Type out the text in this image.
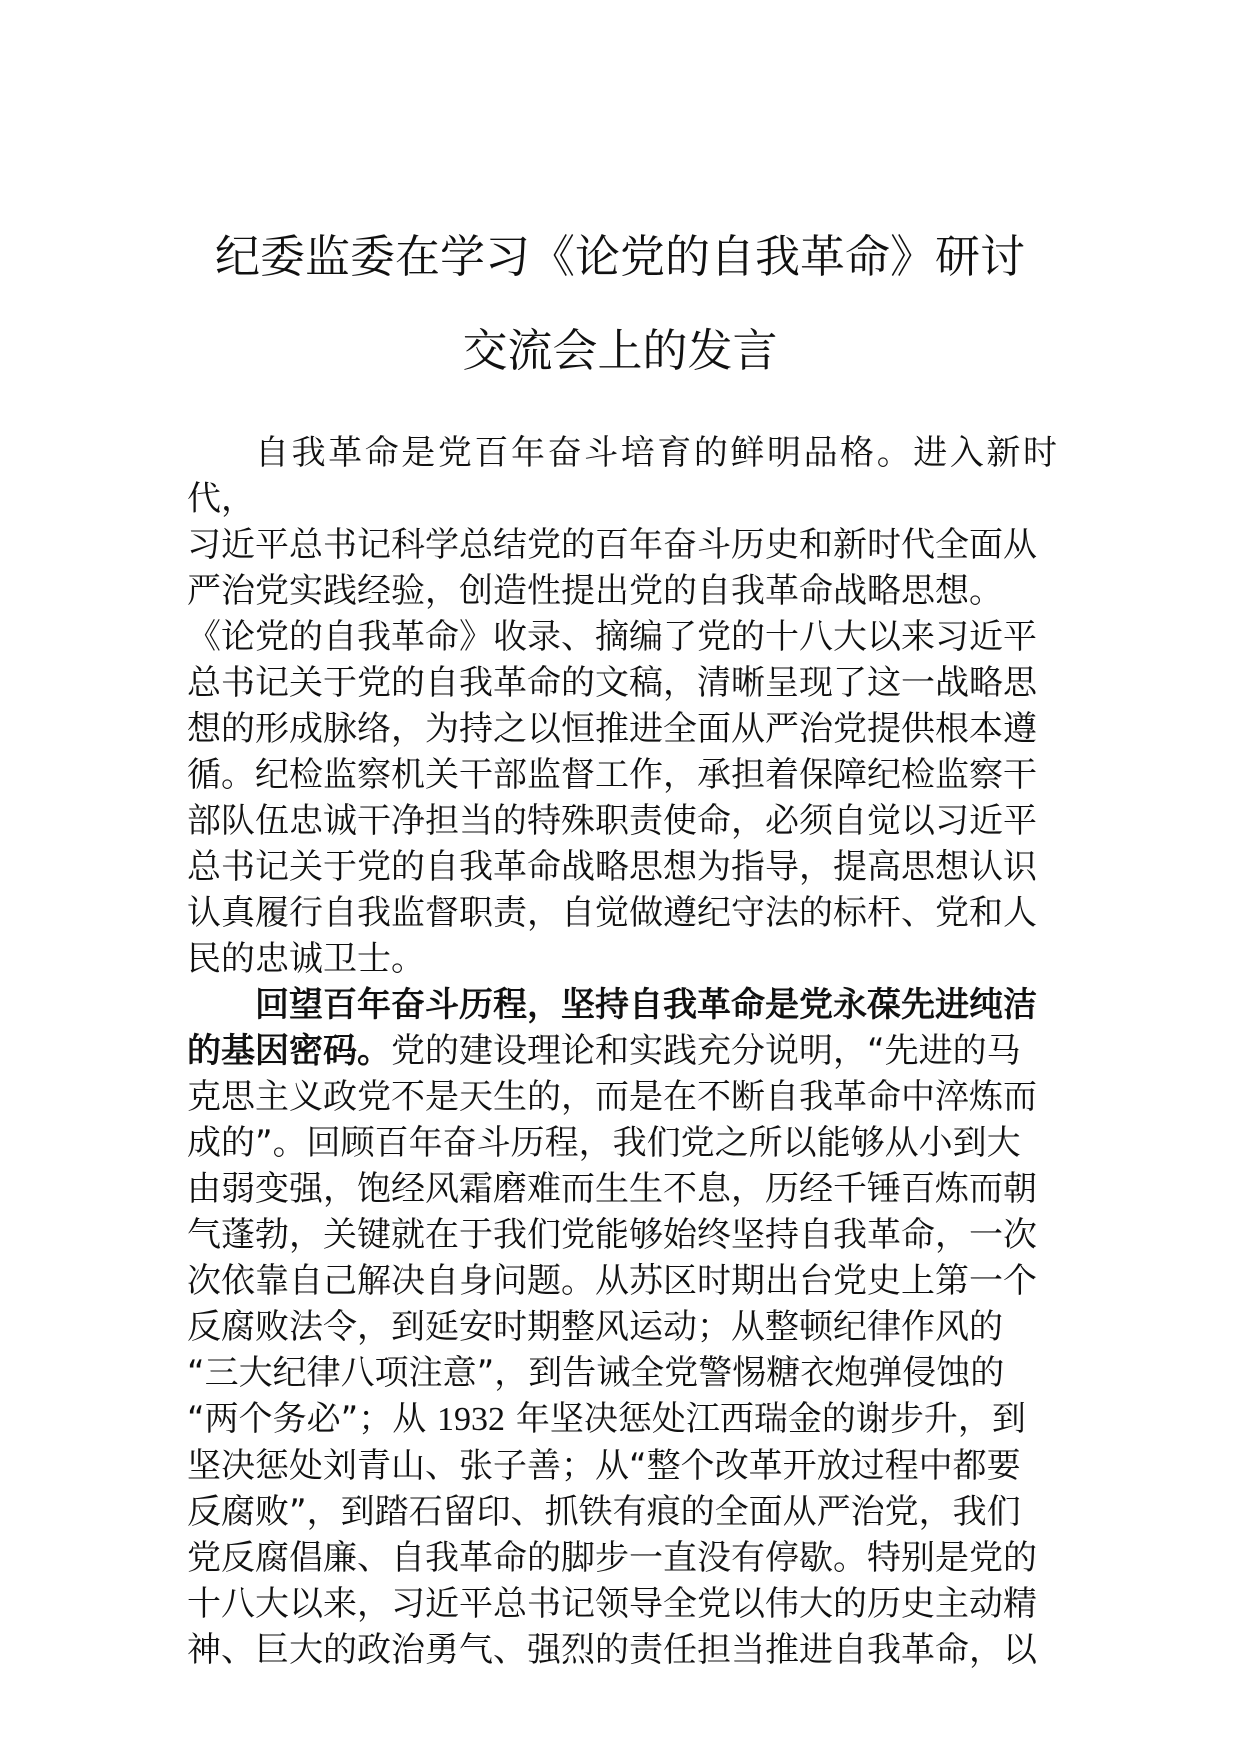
纪委监委在学习《论党的自我革命》研讨
交流会上的发言

自我革命是党百年奋斗培育的鲜明品格。进入新时代，
习近平总书记科学总结党的百年奋斗历史和新时代全面从
严治党实践经验，创造性提出党的自我革命战略思想。
《论党的自我革命》收录、摘编了党的十八大以来习近平
总书记关于党的自我革命的文稿，清晰呈现了这一战略思
想的形成脉络，为持之以恒推进全面从严治党提供根本遵
循。纪检监察机关干部监督工作，承担着保障纪检监察干
部队伍忠诚干净担当的特殊职责使命，必须自觉以习近平
总书记关于党的自我革命战略思想为指导，提高思想认识
认真履行自我监督职责，自觉做遵纪守法的标杆、党和人
民的忠诚卫士。

回望百年奋斗历程，坚持自我革命是党永葆先进纯洁
的基因密码。党的建设理论和实践充分说明，“先进的马
克思主义政党不是天生的，而是在不断自我革命中淬炼而
成的”。回顾百年奋斗历程，我们党之所以能够从小到大
由弱变强，饱经风霜磨难而生生不息，历经千锤百炼而朝
气蓬勃，关键就在于我们党能够始终坚持自我革命，一次
次依靠自己解决自身问题。从苏区时期出台党史上第一个
反腐败法令，到延安时期整风运动；从整顿纪律作风的
“三大纪律八项注意”，到告诫全党警惕糖衣炮弹侵蚀的
“两个务必”；从 1932 年坚决惩处江西瑞金的谢步升，到
坚决惩处刘青山、张子善；从“整个改革开放过程中都要
反腐败”，到踏石留印、抓铁有痕的全面从严治党，我们
党反腐倡廉、自我革命的脚步一直没有停歇。特别是党的
十八大以来，习近平总书记领导全党以伟大的历史主动精
神、巨大的政治勇气、强烈的责任担当推进自我革命，以
